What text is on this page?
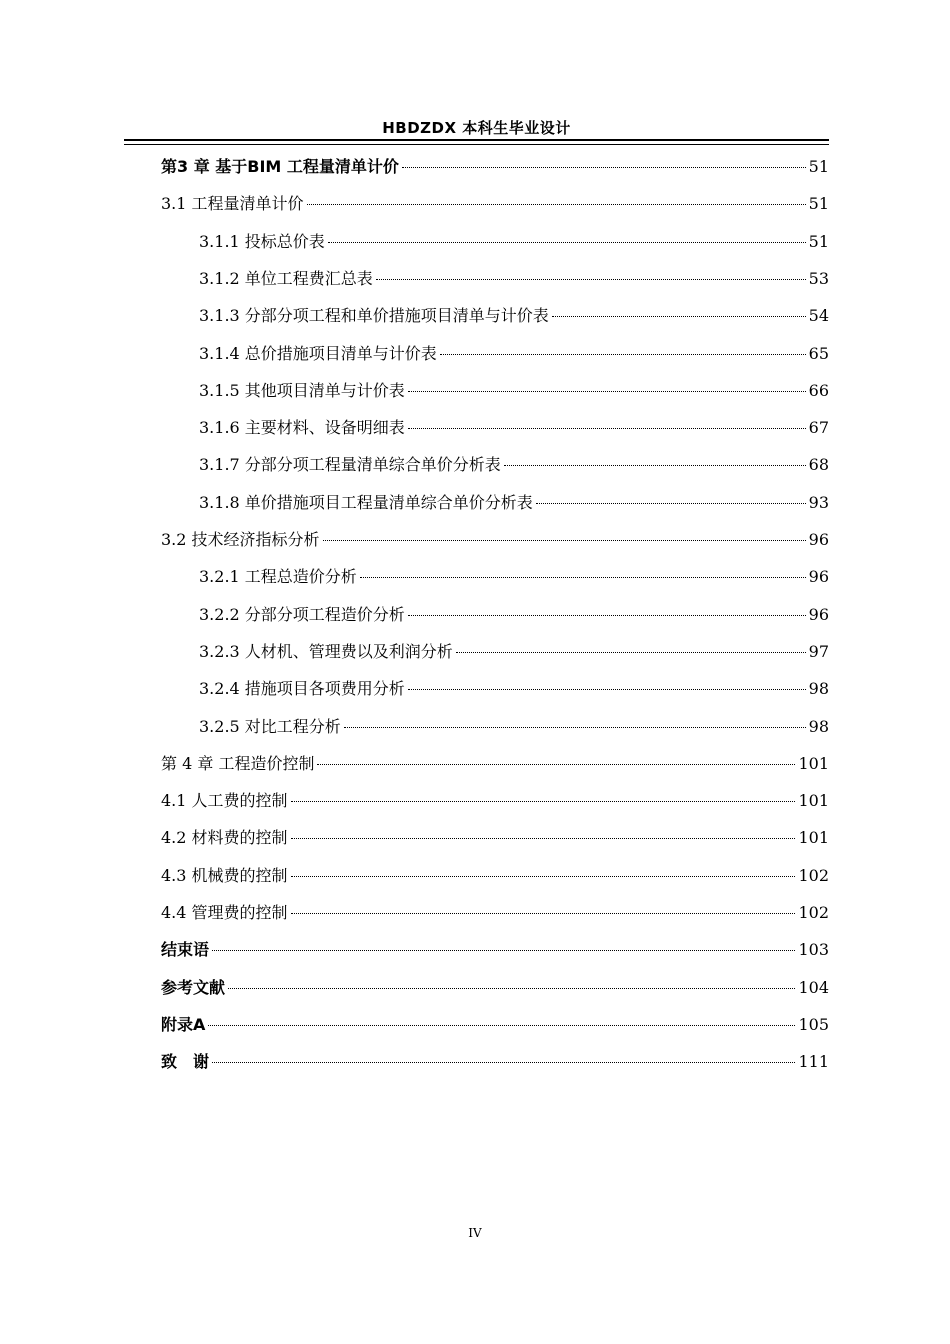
HBDZDX 本科生毕业设计
第3 章 基于BIM 工程量清单计价	51
3.1 工程量清单计价	51
3.1.1 投标总价表	51
3.1.2 单位工程费汇总表	53
3.1.3 分部分项工程和单价措施项目清单与计价表	54
3.1.4 总价措施项目清单与计价表	65
3.1.5 其他项目清单与计价表	66
3.1.6 主要材料、设备明细表	67
3.1.7 分部分项工程量清单综合单价分析表	68
3.1.8 单价措施项目工程量清单综合单价分析表	93
3.2 技术经济指标分析	96
3.2.1 工程总造价分析	96
3.2.2 分部分项工程造价分析	96
3.2.3 人材机、管理费以及利润分析	97
3.2.4 措施项目各项费用分析	98
3.2.5 对比工程分析	98
第 4 章 工程造价控制	101
4.1 人工费的控制	101
4.2 材料费的控制	101
4.3 机械费的控制	102
4.4 管理费的控制	102
结束语	103
参考文献	104
附录A	105
致　谢	111
IV
